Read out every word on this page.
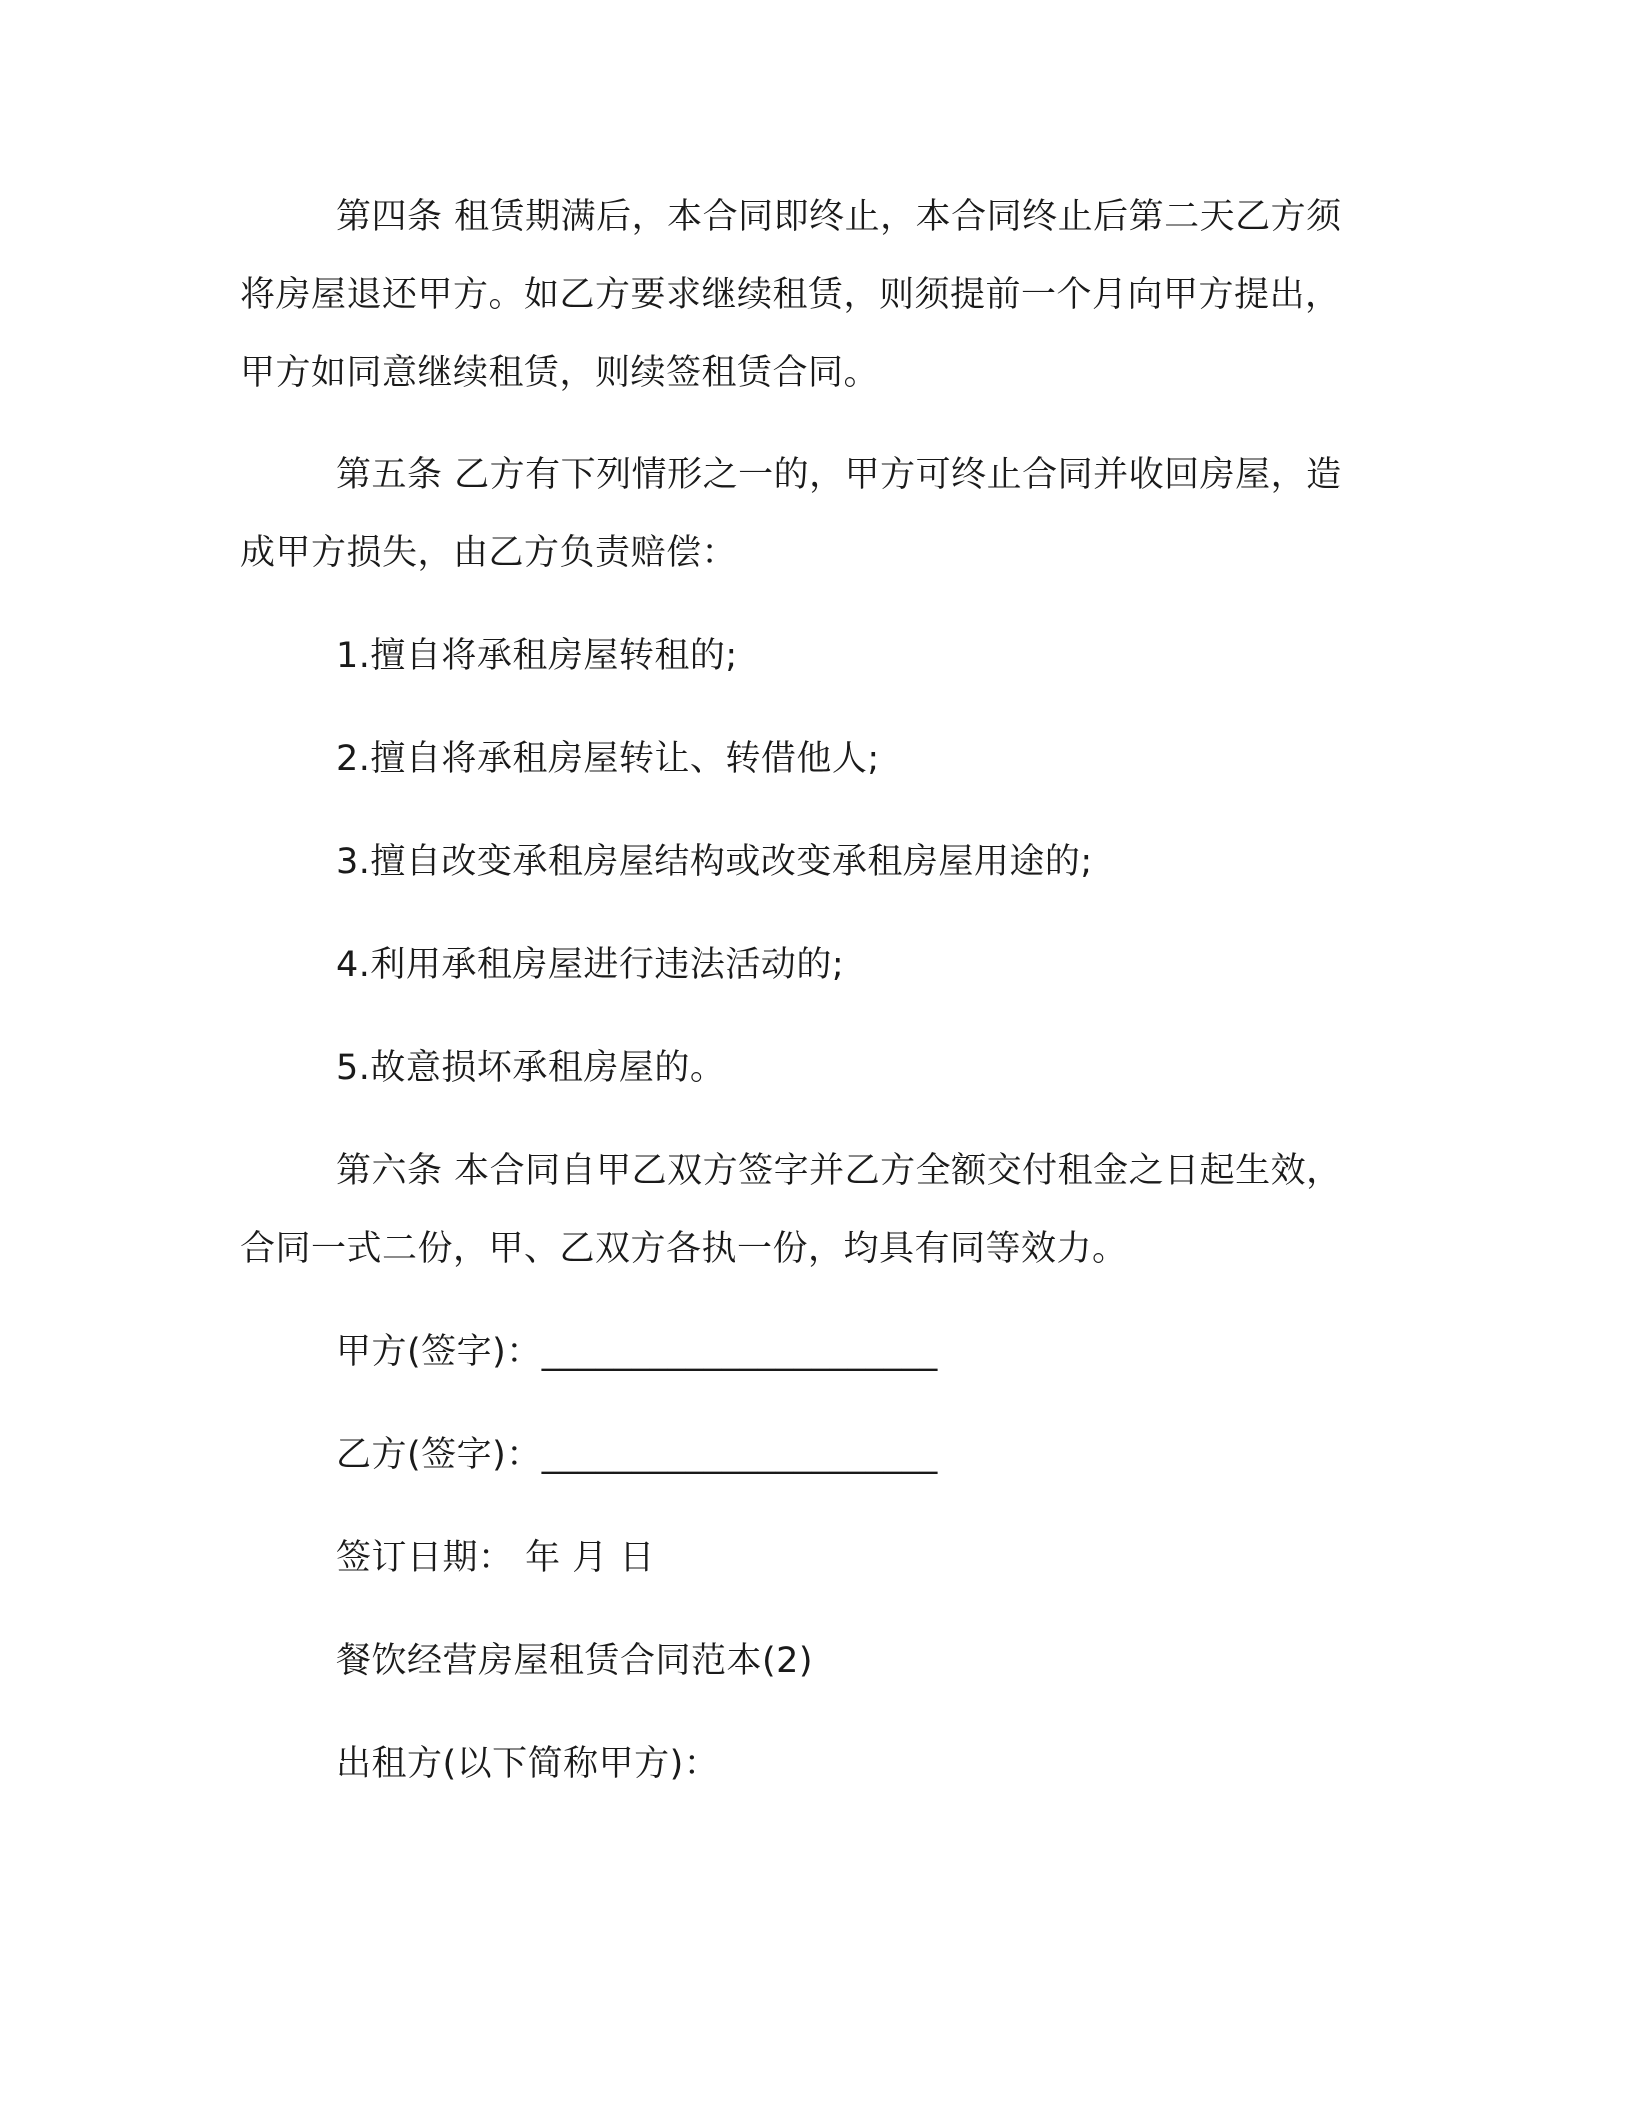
第四条 租赁期满后，本合同即终止，本合同终止后第二天乙方须
将房屋退还甲方。如乙方要求继续租赁，则须提前一个月向甲方提出，
甲方如同意继续租赁，则续签租赁合同。
第五条 乙方有下列情形之一的，甲方可终止合同并收回房屋，造
成甲方损失，由乙方负责赔偿：
1.擅自将承租房屋转租的;
2.擅自将承租房屋转让、转借他人;
3.擅自改变承租房屋结构或改变承租房屋用途的;
4.利用承租房屋进行违法活动的;
5.故意损坏承租房屋的。
第六条 本合同自甲乙双方签字并乙方全额交付租金之日起生效，
合同一式二份，甲、乙双方各执一份，均具有同等效力。
甲方(签字)：______________________
乙方(签字)：______________________
签订日期： 年 月 日
餐饮经营房屋租赁合同范本(2)
出租方(以下简称甲方)：
